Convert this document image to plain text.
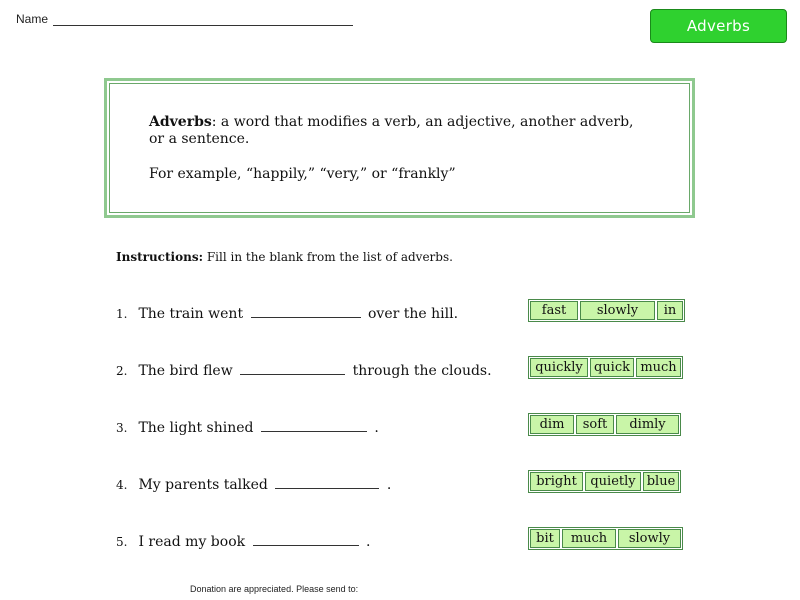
Name	Adverbs
Adverbs: a word that modifies a verb, an adjective, another adverb, or a sentence.
For example, “happily,” “very,” or “frankly”
Instructions: Fill in the blank from the list of adverbs.
1. The train went	over the hill.	fast	slowly	in
2. The bird flew	through the clouds.	quickly quick much
3. The light shined	.	dim	soft	dimly
4. My parents talked	.	bright	quietly blue
5. I read my book	.	bit	much	slowly
Donation are appreciated. Please send to:
